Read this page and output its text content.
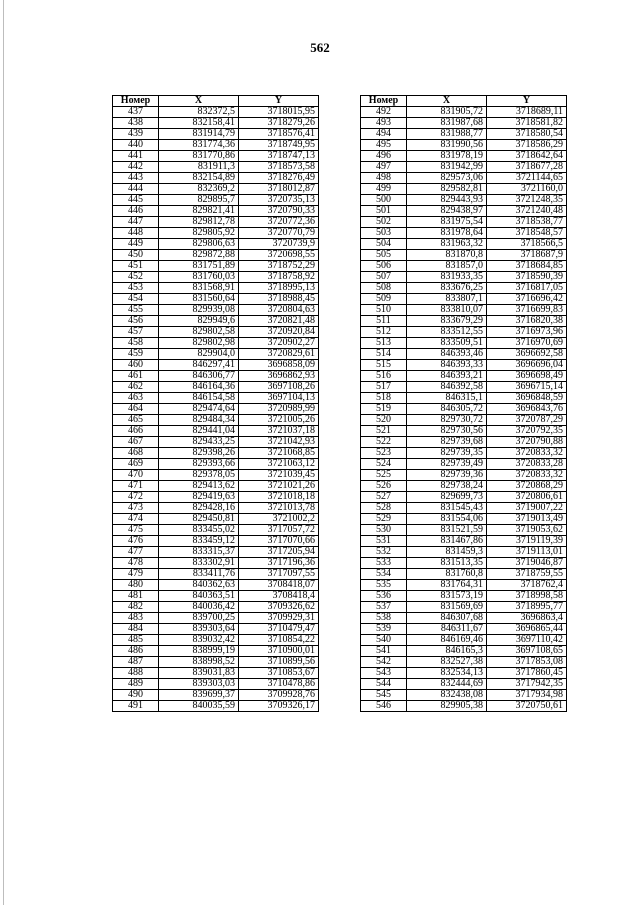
562
Номер	X	Y
437	832372,5	3718015,95
438	832158,41	3718279,26
439	831914,79	3718576,41
440	831774,36	3718749,95
441	831770,86	3718747,13
442	831911,3	3718573,58
443	832154,89	3718276,49
444	832369,2	3718012,87
445	829895,7	3720735,13
446	829821,41	3720790,33
447	829812,78	3720772,36
448	829805,92	3720770,79
449	829806,63	3720739,9
450	829872,88	3720698,55
451	831751,89	3718752,29
452	831760,03	3718758,92
453	831568,91	3718995,13
454	831560,64	3718988,45
455	829939,08	3720804,63
456	829949,6	3720821,48
457	829802,58	3720920,84
458	829802,98	3720902,27
459	829904,0	3720829,61
460	846297,41	3696858,09
461	846306,77	3696862,93
462	846164,36	3697108,26
463	846154,58	3697104,13
464	829474,64	3720989,99
465	829484,34	3721005,26
466	829441,04	3721037,18
467	829433,25	3721042,93
468	829398,26	3721068,85
469	829393,66	3721063,12
470	829378,05	3721039,45
471	829413,62	3721021,26
472	829419,63	3721018,18
473	829428,16	3721013,78
474	829450,81	3721002,2
475	833455,02	3717057,72
476	833459,12	3717070,66
477	833315,37	3717205,94
478	833302,91	3717196,36
479	833411,76	3717097,55
480	840362,63	3708418,07
481	840363,51	3708418,4
482	840036,42	3709326,62
483	839700,25	3709929,31
484	839303,64	3710479,47
485	839032,42	3710854,22
486	838999,19	3710900,01
487	838998,52	3710899,56
488	839031,83	3710853,67
489	839303,03	3710478,86
490	839699,37	3709928,76
491	840035,59	3709326,17
Номер	X	Y
492	831905,72	3718689,11
493	831987,68	3718581,82
494	831988,77	3718580,54
495	831990,56	3718586,29
496	831978,19	3718642,64
497	831942,99	3718677,28
498	829573,06	3721144,65
499	829582,81	3721160,0
500	829443,93	3721248,35
501	829438,97	3721240,48
502	831975,54	3718538,77
503	831978,64	3718548,57
504	831963,32	3718566,5
505	831870,8	3718687,9
506	831857,0	3718684,85
507	831933,35	3718590,39
508	833676,25	3716817,05
509	833807,1	3716696,42
510	833810,07	3716699,83
511	833679,29	3716820,38
512	833512,55	3716973,96
513	833509,51	3716970,69
514	846393,46	3696692,58
515	846393,33	3696696,04
516	846393,21	3696698,49
517	846392,58	3696715,14
518	846315,1	3696848,59
519	846305,72	3696843,76
520	829730,72	3720787,29
521	829730,56	3720792,35
522	829739,68	3720790,88
523	829739,35	3720833,32
524	829739,49	3720833,28
525	829739,36	3720833,32
526	829738,24	3720868,29
527	829699,73	3720806,61
528	831545,43	3719007,22
529	831554,06	3719013,49
530	831521,59	3719053,62
531	831467,86	3719119,39
532	831459,3	3719113,01
533	831513,35	3719046,87
534	831760,8	3718759,55
535	831764,31	3718762,4
536	831573,19	3718998,58
537	831569,69	3718995,77
538	846307,68	3696863,4
539	846311,67	3696865,44
540	846169,46	3697110,42
541	846165,3	3697108,65
542	832527,38	3717853,08
543	832534,13	3717860,45
544	832444,69	3717942,35
545	832438,08	3717934,98
546	829905,38	3720750,61
